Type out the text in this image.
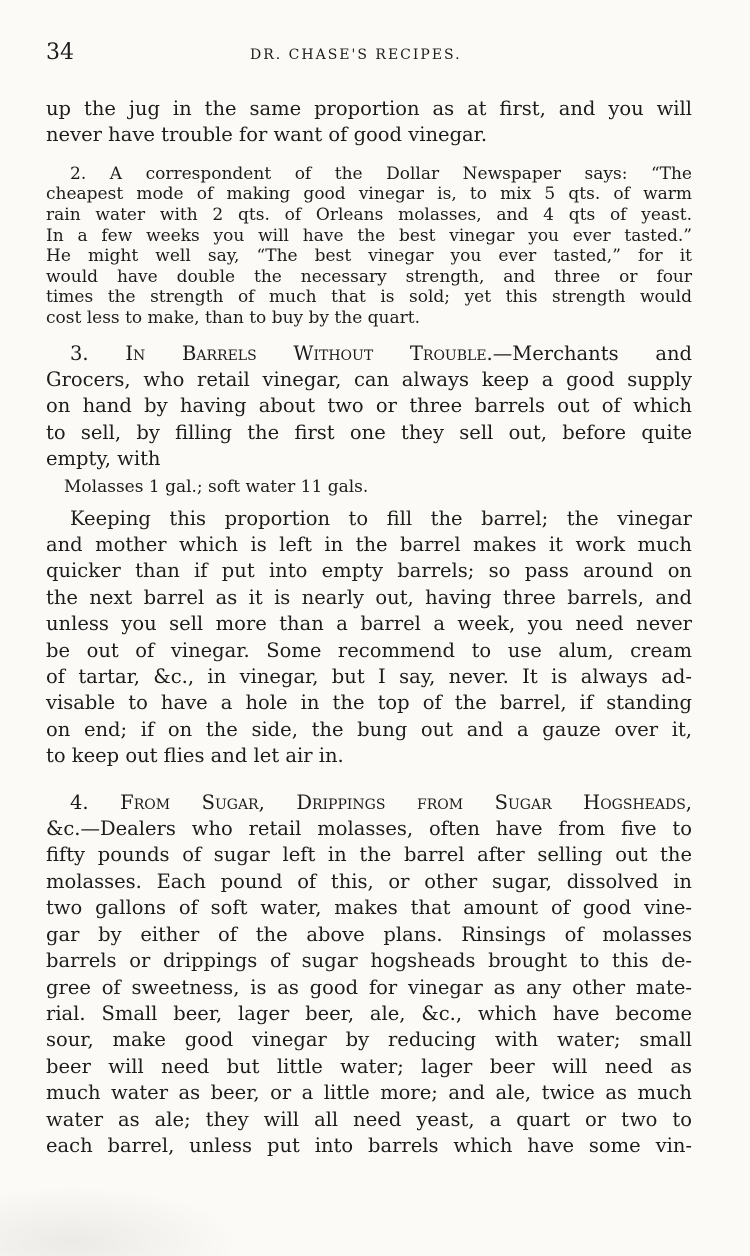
34	DR. CHASE'S RECIPES.
up the jug in the same proportion as at first, and you will
never have trouble for want of good vinegar.
2. A correspondent of the Dollar Newspaper says: “The
cheapest mode of making good vinegar is, to mix 5 qts. of warm
rain water with 2 qts. of Orleans molasses, and 4 qts of yeast.
In a few weeks you will have the best vinegar you ever tasted.”
He might well say, “The best vinegar you ever tasted,” for it
would have double the necessary strength, and three or four
times the strength of much that is sold; yet this strength would
cost less to make, than to buy by the quart.
3. In Barrels Without Trouble.—Merchants and
Grocers, who retail vinegar, can always keep a good supply
on hand by having about two or three barrels out of which
to sell, by filling the first one they sell out, before quite
empty, with
Molasses 1 gal.; soft water 11 gals.
Keeping this proportion to fill the barrel; the vinegar
and mother which is left in the barrel makes it work much
quicker than if put into empty barrels; so pass around on
the next barrel as it is nearly out, having three barrels, and
unless you sell more than a barrel a week, you need never
be out of vinegar. Some recommend to use alum, cream
of tartar, &c., in vinegar, but I say, never. It is always ad-
visable to have a hole in the top of the barrel, if standing
on end; if on the side, the bung out and a gauze over it,
to keep out flies and let air in.
4. From Sugar, Drippings from Sugar Hogsheads,
&c.—Dealers who retail molasses, often have from five to
fifty pounds of sugar left in the barrel after selling out the
molasses. Each pound of this, or other sugar, dissolved in
two gallons of soft water, makes that amount of good vine-
gar by either of the above plans. Rinsings of molasses
barrels or drippings of sugar hogsheads brought to this de-
gree of sweetness, is as good for vinegar as any other mate-
rial. Small beer, lager beer, ale, &c., which have become
sour, make good vinegar by reducing with water; small
beer will need but little water; lager beer will need as
much water as beer, or a little more; and ale, twice as much
water as ale; they will all need yeast, a quart or two to
each barrel, unless put into barrels which have some vin-
